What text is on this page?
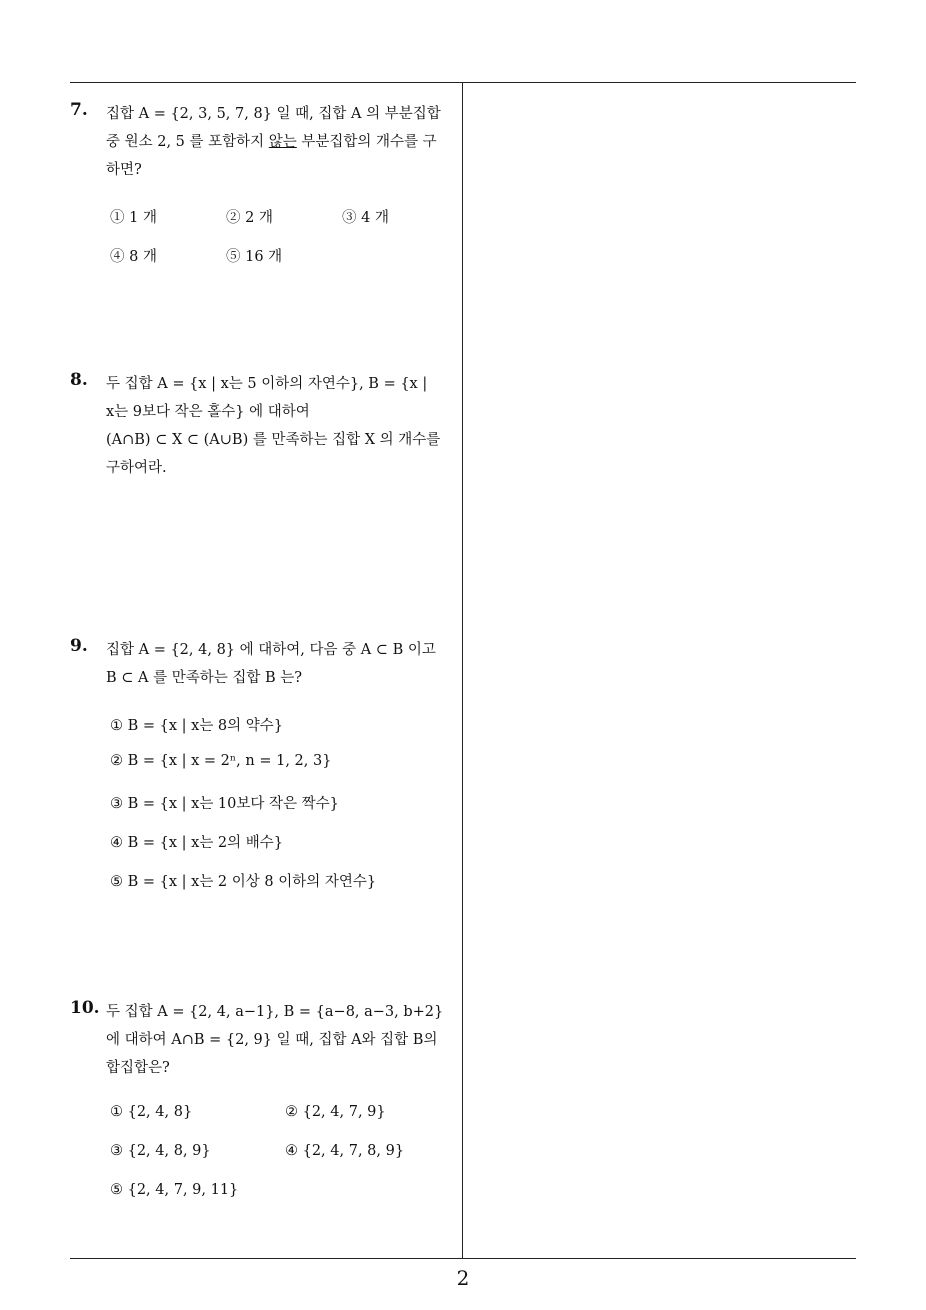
7. 집합 A = {2, 3, 5, 7, 8} 일 때, 집합 A 의 부분집합
중 원소 2, 5 를 포함하지 않는 부분집합의 개수를 구
하면?
① 1 개	② 2 개	③ 4 개
④ 8 개	⑤ 16 개
8. 두 집합 A = {x | x는 5 이하의 자연수}, B = {x |
x는 9보다 작은 홀수} 에 대하여
(A∩B) ⊂ X ⊂ (A∪B) 를 만족하는 집합 X 의 개수를
구하여라.
9. 집합 A = {2, 4, 8} 에 대하여, 다음 중 A ⊂ B 이고
B ⊂ A 를 만족하는 집합 B 는?
① B = {x | x는 8의 약수}
② B = {x | x = 2ⁿ, n = 1, 2, 3}
③ B = {x | x는 10보다 작은 짝수}
④ B = {x | x는 2의 배수}
⑤ B = {x | x는 2 이상 8 이하의 자연수}
10. 두 집합 A = {2, 4, a−1}, B = {a−8, a−3, b+2}
에 대하여 A∩B = {2, 9} 일 때, 집합 A와 집합 B의
합집합은?
① {2, 4, 8}	② {2, 4, 7, 9}
③ {2, 4, 8, 9}	④ {2, 4, 7, 8, 9}
⑤ {2, 4, 7, 9, 11}
2
